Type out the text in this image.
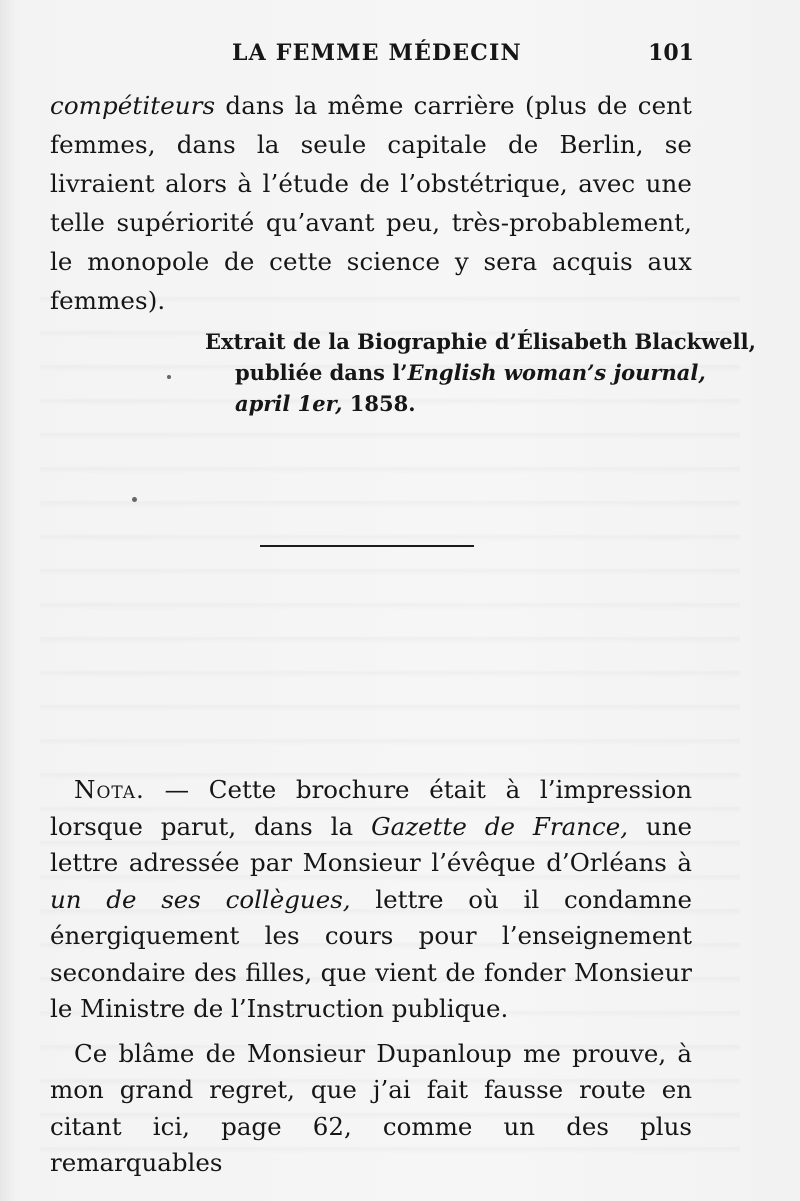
LA FEMME MÉDECIN	101

compétiteurs dans la même carrière (plus de cent femmes, dans la seule capitale de Berlin, se livraient alors à l’étude de l’obstétrique, avec une telle supériorité qu’avant peu, très-probablement, le monopole de cette science y sera acquis aux femmes).

Extrait de la Biographie d’Élisabeth Blackwell,
publiée dans l’English woman’s journal,
april 1er, 1858.

Nota. — Cette brochure était à l’impression lorsque parut, dans la Gazette de France, une lettre adressée par Monsieur l’évêque d’Orléans à un de ses collègues, lettre où il condamne énergiquement les cours pour l’enseignement secondaire des filles, que vient de fonder Monsieur le Ministre de l’Instruction publique.

Ce blâme de Monsieur Dupanloup me prouve, à mon grand regret, que j’ai fait fausse route en citant ici, page 62, comme un des plus remarquables
